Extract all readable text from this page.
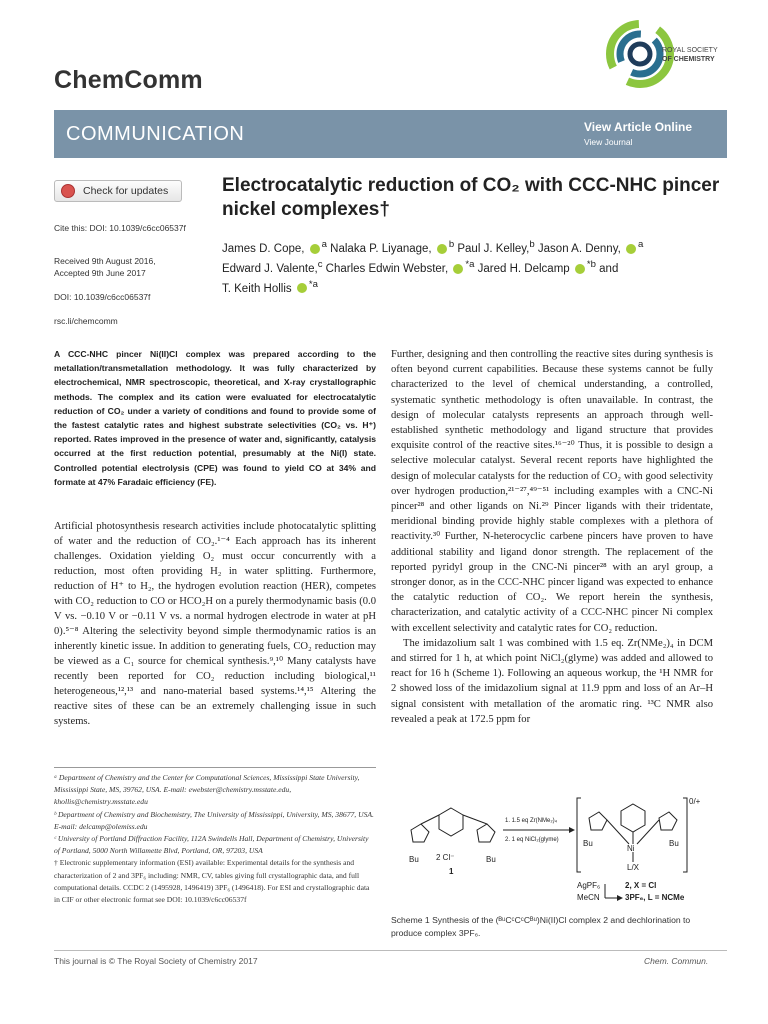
ChemComm
ROYAL SOCIETY
OF CHEMISTRY
COMMUNICATION	View Article Online
View Journal
Check for updates
Cite this: DOI: 10.1039/c6cc06537f
Received 9th August 2016,
Accepted 9th June 2017
DOI: 10.1039/c6cc06537f
rsc.li/chemcomm
Electrocatalytic reduction of CO₂ with CCC-NHC pincer nickel complexes†
James D. Cope, $^a$ Nalaka P. Liyanage, $^b$ Paul J. Kelley,$^b$ Jason A. Denny, $^a$
Edward J. Valente,$^c$ Charles Edwin Webster, $^{*a}$ Jared H. Delcamp $^{*b}$ and
T. Keith Hollis $^{*a}$
A CCC-NHC pincer Ni(II)Cl complex was prepared according to the metallation/transmetallation methodology. It was fully characterized by electrochemical, NMR spectroscopic, theoretical, and X-ray crystallographic methods. The complex and its cation were evaluated for electrocatalytic reduction of CO₂ under a variety of conditions and found to provide some of the fastest catalytic rates and highest substrate selectivities (CO₂ vs. H⁺) reported. Rates improved in the presence of water and, significantly, catalysis occurred at the first reduction potential, presumably at the Ni(I) state. Controlled potential electrolysis (CPE) was found to yield CO at 34% and formate at 47% Faradaic efficiency (FE).
Artificial photosynthesis research activities include photocatalytic splitting of water and the reduction of CO₂.¹⁻⁴ Each approach has its inherent challenges. Oxidation yielding O₂ must occur concurrently with a reduction, most often providing H₂ in water splitting. Furthermore, reduction of H⁺ to H₂, the hydrogen evolution reaction (HER), competes with CO₂ reduction to CO or HCO₂H on a purely thermodynamic basis (0.0 V vs. −0.10 V or −0.11 V vs. a normal hydrogen electrode in water at pH 0).⁵⁻⁸ Altering the selectivity beyond simple thermodynamic ratios is an inherently kinetic issue. In addition to generating fuels, CO₂ reduction may be viewed as a C₁ source for chemical synthesis.⁹,¹⁰ Many catalysts have recently been reported for CO₂ reduction including biological,¹¹ heterogeneous,¹²,¹³ and nano-material based systems.¹⁴,¹⁵ Altering the reactive sites of these can be an extremely challenging issue in such systems.
ᵃ Department of Chemistry and the Center for Computational Sciences, Mississippi State University, Mississippi State, MS, 39762, USA. E-mail: ewebster@chemistry.msstate.edu, khollis@chemistry.msstate.edu
ᵇ Department of Chemistry and Biochemistry, The University of Mississippi, University, MS, 38677, USA. E-mail: delcamp@olemiss.edu
ᶜ University of Portland Diffraction Facility, 112A Swindells Hall, Department of Chemistry, University of Portland, 5000 North Willamette Blvd, Portland, OR, 97203, USA
† Electronic supplementary information (ESI) available: Experimental details for the synthesis and characterization of 2 and 3PF₆ including: NMR, CV, tables giving full crystallographic data, and full computational details. CCDC 2 (1495928, 1496419) 3PF₆ (1496418). For ESI and crystallographic data in CIF or other electronic format see DOI: 10.1039/c6cc06537f

Further, designing and then controlling the reactive sites during synthesis is often beyond current capabilities. Because these systems cannot be fully characterized to the level of chemical understanding, a controlled, systematic synthetic methodology is often unavailable. In contrast, the design of molecular catalysts represents an approach through well-established synthetic methodology and ligand structure that provides exquisite control of the reactive sites.¹⁶⁻²⁰ Thus, it is possible to design a selective molecular catalyst. Several recent reports have highlighted the design of molecular catalysts for the reduction of CO₂ with good selectivity over hydrogen production,²¹⁻²⁷,⁴⁹⁻⁵¹ including examples with a CNC-Ni pincer²⁸ and other ligands on Ni.²⁹ Pincer ligands with their tridentate, meridional binding provide highly stable complexes with a plethora of reactivity.³⁰ Further, N-heterocyclic carbene pincers have proven to have additional stability and ligand donor strength. The replacement of the reported pyridyl group in the CNC-Ni pincer²⁸ with an aryl group, a stronger donor, as in the CCC-NHC pincer ligand was expected to enhance the catalytic reduction of CO₂. We report herein the synthesis, characterization, and catalytic activity of a CCC-NHC pincer Ni complex with excellent selectivity and catalytic rates for CO₂ reduction.

The imidazolium salt 1 was combined with 1.5 eq. Zr(NMe₂)₄ in DCM and stirred for 1 h, at which point NiCl₂(glyme) was added and allowed to react for 16 h (Scheme 1). Following an aqueous workup, the ¹H NMR for 2 showed loss of the imidazolium signal at 11.9 ppm and loss of an Ar–H signal consistent with metallation of the aromatic ring. ¹³C NMR also revealed a peak at 172.5 ppm for

Bu	Bu
2 Cl⁻
1
1. 1.5 eq Zr(NMe₂)₄
2. 1 eq NiCl₂(glyme)
Ni
L/X
Bu	Bu
0/+
AgPF₆
MeCN
2, X = Cl
3PF₆, L = NCMe
Scheme 1 Synthesis of the (ᴮᵘCᶜCᶜCᴮᵘ)Ni(II)Cl complex 2 and dechlorination to produce complex 3PF₆.
This journal is © The Royal Society of Chemistry 2017	Chem. Commun.
